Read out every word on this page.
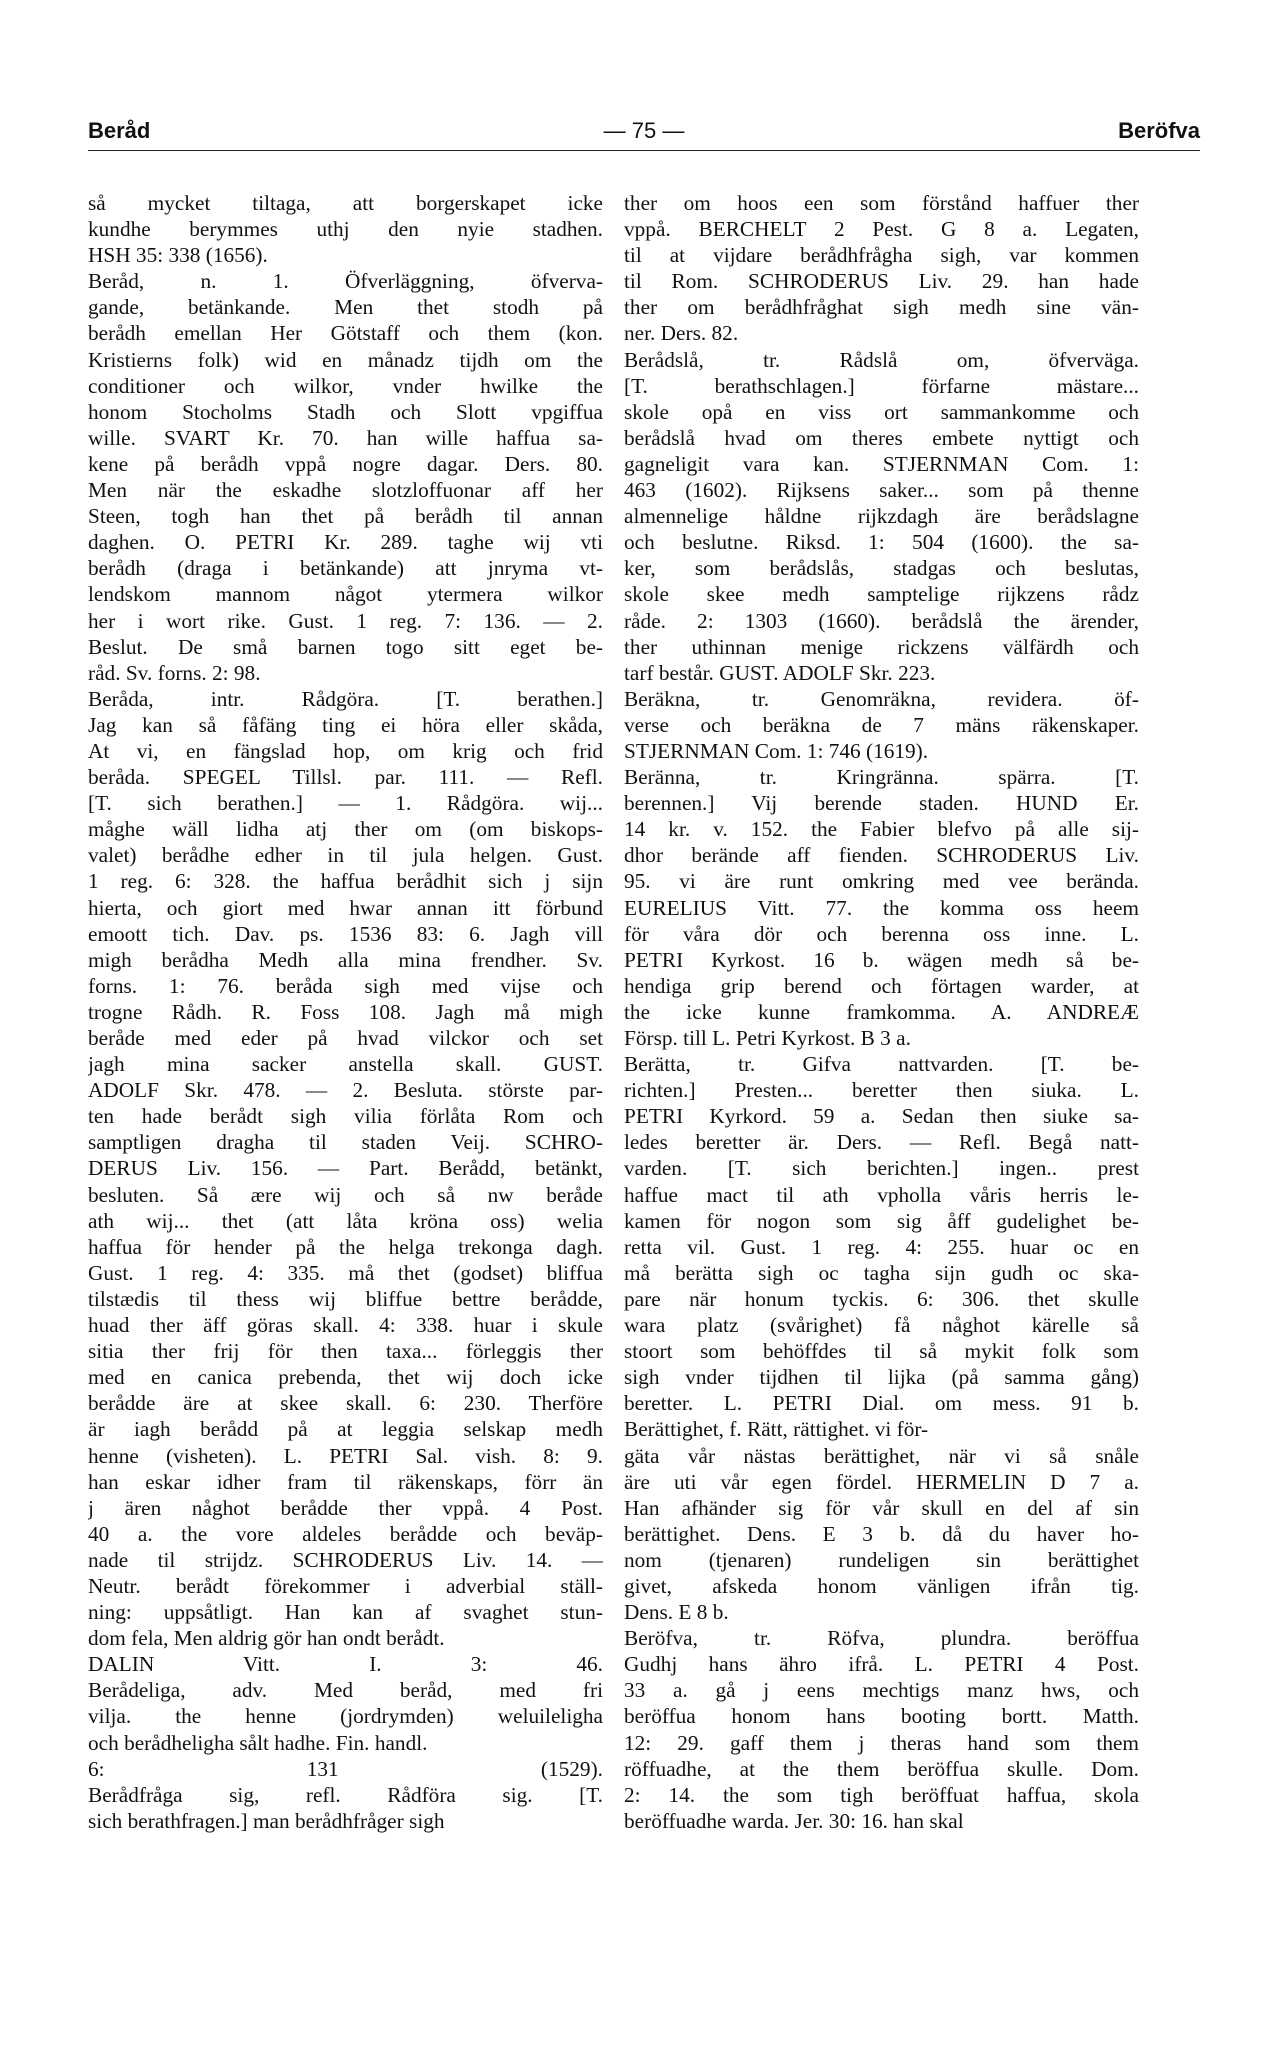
Beråd	— 75 —	Beröfva
så mycket tiltaga, att borgerskapet icke
kundhe berymmes uthj den nyie stadhen.
HSH 35: 338 (1656).
Beråd, n. 1. Öfverläggning, öfverva-
gande, betänkande. Men thet stodh på
berådh emellan Her Götstaff och them (kon.
Kristierns folk) wid en månadz tijdh om the
conditioner och wilkor, vnder hwilke the
honom Stocholms Stadh och Slott vpgiffua
wille. SVART Kr. 70. han wille haffua sa-
kene på berådh vppå nogre dagar. Ders. 80.
Men när the eskadhe slotzloffuonar aff her
Steen, togh han thet på berådh til annan
daghen. O. PETRI Kr. 289. taghe wij vti
berådh (draga i betänkande) att jnryma vt-
lendskom mannom något ytermera wilkor
her i wort rike. Gust. 1 reg. 7: 136. — 2.
Beslut. De små barnen togo sitt eget be-
råd. Sv. forns. 2: 98.
Beråda, intr. Rådgöra. [T. berathen.]
Jag kan så fåfäng ting ei höra eller skåda,
At vi, en fängslad hop, om krig och frid
beråda. SPEGEL Tillsl. par. 111. — Refl.
[T. sich berathen.] — 1. Rådgöra. wij...
måghe wäll lidha atj ther om (om biskops-
valet) berådhe edher in til jula helgen. Gust.
1 reg. 6: 328. the haffua berådhit sich j sijn
hierta, och giort med hwar annan itt förbund
emoott tich. Dav. ps. 1536 83: 6. Jagh vill
migh berådha Medh alla mina frendher. Sv.
forns. 1: 76. beråda sigh med vijse och
trogne Rådh. R. Foss 108. Jagh må migh
beråde med eder på hvad vilckor och set
jagh mina sacker anstella skall. GUST.
ADOLF Skr. 478. — 2. Besluta. störste par-
ten hade berådt sigh vilia förlåta Rom och
samptligen dragha til staden Veij. SCHRO-
DERUS Liv. 156. — Part. Berådd, betänkt,
besluten. Så ære wij och så nw beråde
ath wij... thet (att låta kröna oss) welia
haffua för hender på the helga trekonga dagh.
Gust. 1 reg. 4: 335. må thet (godset) bliffua
tilstædis til thess wij bliffue bettre berådde,
huad ther äff göras skall. 4: 338. huar i skule
sitia ther frij för then taxa... förleggis ther
med en canica prebenda, thet wij doch icke
berådde äre at skee skall. 6: 230. Therföre
är iagh berådd på at leggia selskap medh
henne (visheten). L. PETRI Sal. vish. 8: 9.
han eskar idher fram til räkenskaps, förr än
j ären någhot berådde ther vppå. 4 Post.
40 a. the vore aldeles berådde och beväp-
nade til strijdz. SCHRODERUS Liv. 14. —
Neutr. berådt förekommer i adverbial ställ-
ning: uppsåtligt. Han kan af svaghet stun-
dom fela, Men aldrig gör han ondt berådt.
DALIN Vitt. I. 3: 46.
Berådeliga, adv. Med beråd, med fri
vilja. the henne (jordrymden) weluileligha
och berådheligha sålt hadhe. Fin. handl.
6: 131 (1529).
Berådfråga sig, refl. Rådföra sig. [T.
sich berathfragen.] man berådhfråger sigh
ther om hoos een som förstånd haffuer ther
vppå. BERCHELT 2 Pest. G 8 a. Legaten,
til at vijdare berådhfrågha sigh, var kommen
til Rom. SCHRODERUS Liv. 29. han hade
ther om berådhfråghat sigh medh sine vän-
ner. Ders. 82.
Berådslå, tr. Rådslå om, öfverväga.
[T. berathschlagen.] förfarne mästare...
skole opå en viss ort sammankomme och
berådslå hvad om theres embete nyttigt och
gagneligit vara kan. STJERNMAN Com. 1:
463 (1602). Rijksens saker... som på thenne
almennelige håldne rijkzdagh äre berådslagne
och beslutne. Riksd. 1: 504 (1600). the sa-
ker, som berådslås, stadgas och beslutas,
skole skee medh samptelige rijkzens rådz
råde. 2: 1303 (1660). berådslå the ärender,
ther uthinnan menige rickzens välfärdh och
tarf består. GUST. ADOLF Skr. 223.
Beräkna, tr. Genomräkna, revidera. öf-
verse och beräkna de 7 mäns räkenskaper.
STJERNMAN Com. 1: 746 (1619).
Beränna, tr. Kringränna. spärra. [T.
berennen.] Vij berende staden. HUND Er.
14 kr. v. 152. the Fabier blefvo på alle sij-
dhor berände aff fienden. SCHRODERUS Liv.
95. vi äre runt omkring med vee berända.
EURELIUS Vitt. 77. the komma oss heem
för våra dör och berenna oss inne. L.
PETRI Kyrkost. 16 b. wägen medh så be-
hendiga grip berend och förtagen warder, at
the icke kunne framkomma. A. ANDREÆ
Försp. till L. Petri Kyrkost. B 3 a.
Berätta, tr. Gifva nattvarden. [T. be-
richten.] Presten... beretter then siuka. L.
PETRI Kyrkord. 59 a. Sedan then siuke sa-
ledes beretter är. Ders. — Refl. Begå natt-
varden. [T. sich berichten.] ingen.. prest
haffue mact til ath vpholla våris herris le-
kamen för nogon som sig åff gudelighet be-
retta vil. Gust. 1 reg. 4: 255. huar oc en
må berätta sigh oc tagha sijn gudh oc ska-
pare när honum tyckis. 6: 306. thet skulle
wara platz (svårighet) få någhot kärelle så
stoort som behöffdes til så mykit folk som
sigh vnder tijdhen til lijka (på samma gång)
beretter. L. PETRI Dial. om mess. 91 b.
Berättighet, f. Rätt, rättighet. vi för-
gäta vår nästas berättighet, när vi så snåle
äre uti vår egen fördel. HERMELIN D 7 a.
Han afhänder sig för vår skull en del af sin
berättighet. Dens. E 3 b. då du haver ho-
nom (tjenaren) rundeligen sin berättighet
givet, afskeda honom vänligen ifrån tig.
Dens. E 8 b.
Beröfva, tr. Röfva, plundra. beröffua
Gudhj hans ähro ifrå. L. PETRI 4 Post.
33 a. gå j eens mechtigs manz hws, och
beröffua honom hans booting bortt. Matth.
12: 29. gaff them j theras hand som them
röffuadhe, at the them beröffua skulle. Dom.
2: 14. the som tigh beröffuat haffua, skola
beröffuadhe warda. Jer. 30: 16. han skal
